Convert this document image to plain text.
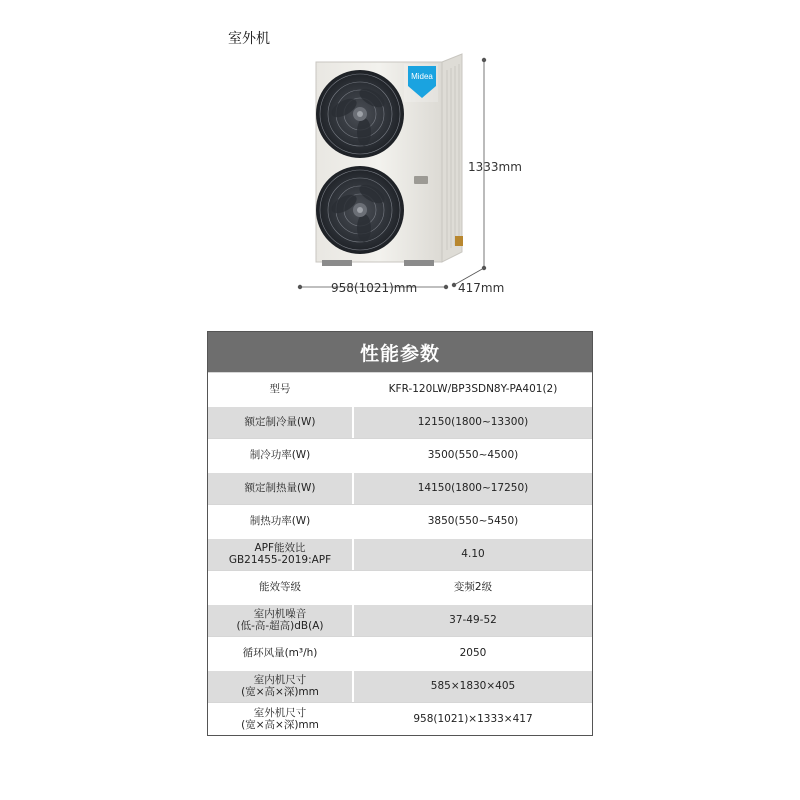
室外机
Midea
1333mm
958(1021)mm	417mm
性能参数
型号	KFR-120LW/BP3SDN8Y-PA401(2)
额定制冷量(W)	12150(1800~13300)
制冷功率(W)	3500(550~4500)
额定制热量(W)	14150(1800~17250)
制热功率(W)	3850(550~5450)
APF能效比
GB21455-2019:APF	4.10
能效等级	变频2级
室内机噪音
(低-高-超高)dB(A)	37-49-52
循环风量(m³/h)	2050
室内机尺寸
(宽×高×深)mm	585×1830×405
室外机尺寸
(宽×高×深)mm	958(1021)×1333×417
